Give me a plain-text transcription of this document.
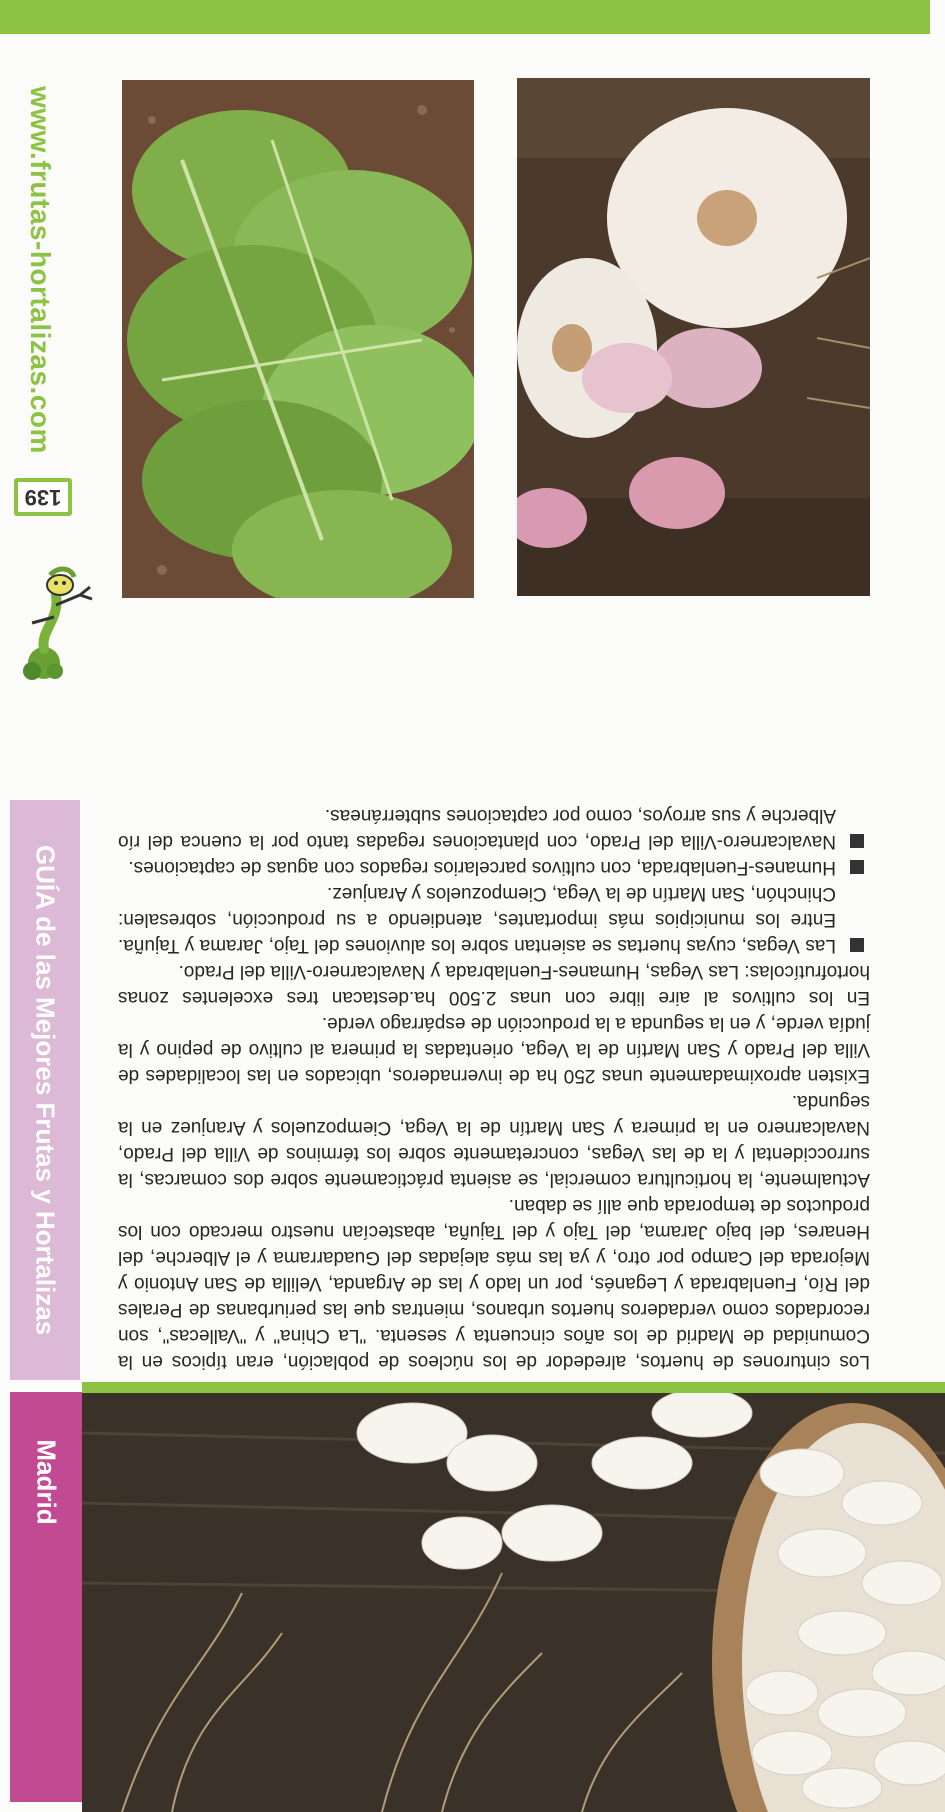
www.frutas-hortalizas.com
139
GUÍA de las Mejores Frutas y Hortalizas
Madrid

Los cinturones de huertos, alrededor de los núcleos de población, eran típicos en la Comunidad de Madrid de los años cincuenta y sesenta. "La China" y "Vallecas", son recordados como verdaderos huertos urbanos, mientras que las periurbanas de Perales del Río, Fuenlabrada y Leganés, por un lado y las de Arganda, Velilla de San Antonio y Mejorada del Campo por otro, y ya las más alejadas del Guadarrama y el Alberche, del Henares, del bajo Jarama, del Tajo y del Tajuña, abastecían nuestro mercado con los productos de temporada que allí se daban.

Actualmente, la horticultura comercial, se asienta prácticamente sobre dos comarcas, la surroccidental y la de las Vegas, concretamente sobre los términos de Villa del Prado, Navalcarnero en la primera y San Martín de la Vega, Ciempozuelos y Aranjuez en la segunda.

Existen aproximadamente unas 250 ha de invernaderos, ubicados en las localidades de Villa del Prado y San Martín de la Vega, orientadas la primera al cultivo de pepino y la judía verde, y en la segunda a la producción de espárrago verde.

En los cultivos al aire libre con unas 2.500 ha.destacan tres excelentes zonas hortofrutícolas: Las Vegas, Humanes-Fuenlabrada y Navalcarnero-Villa del Prado.

Las Vegas, cuyas huertas se asientan sobre los aluviones del Tajo, Jarama y Tajuña. Entre los municipios más importantes, atendiendo a su producción, sobresalen: Chinchón, San Martín de la Vega, Ciempozuelos y Aranjuez.
Humanes-Fuenlabrada, con cultivos parcelarios regados con aguas de captaciones.
Navalcarnero-Villa del Prado, con plantaciones regadas tanto por la cuenca del río Alberche y sus arroyos, como por captaciones subterráneas.
